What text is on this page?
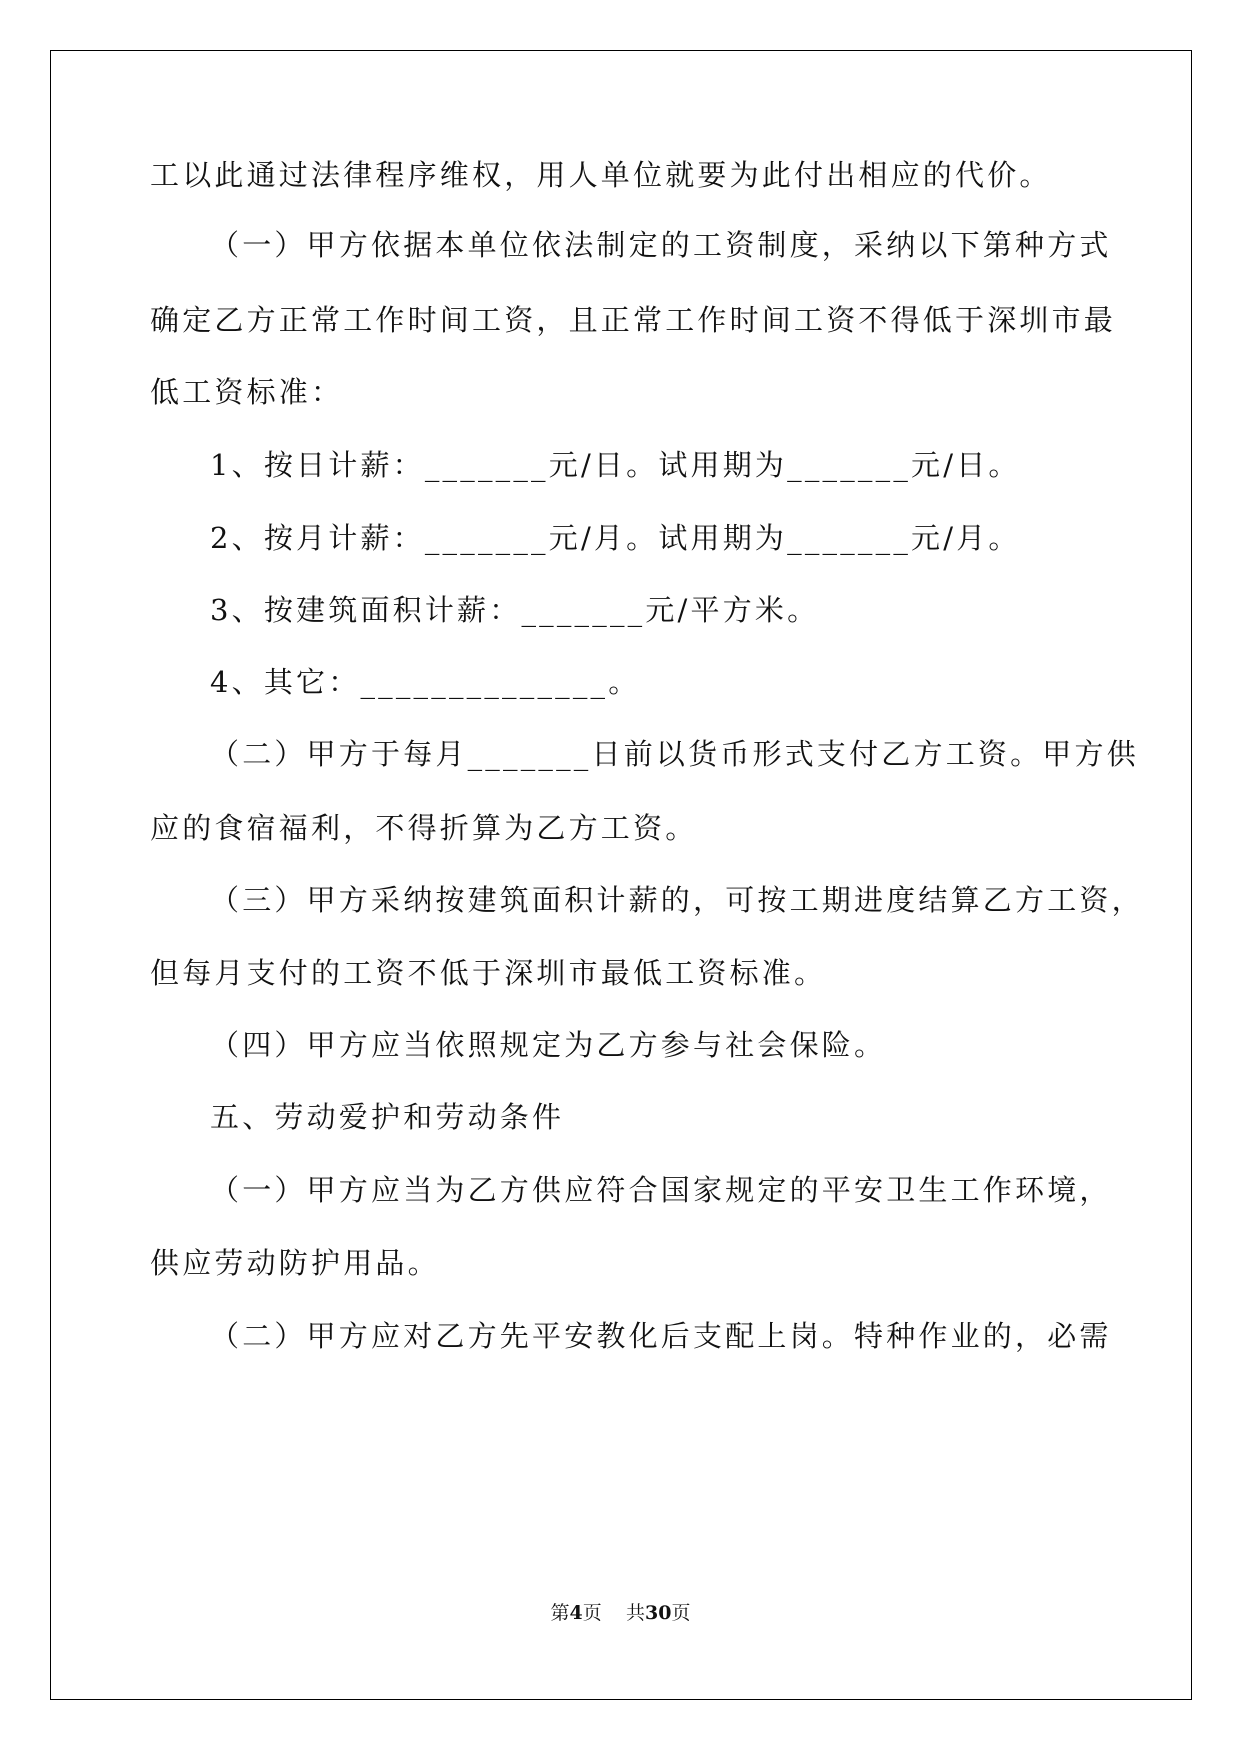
工以此通过法律程序维权，用人单位就要为此付出相应的代价。
（一）甲方依据本单位依法制定的工资制度，采纳以下第种方式
确定乙方正常工作时间工资，且正常工作时间工资不得低于深圳市最
低工资标准：
1、按日计薪：_______元/日。试用期为_______元/日。
2、按月计薪：_______元/月。试用期为_______元/月。
3、按建筑面积计薪：_______元/平方米。
4、其它：______________。
（二）甲方于每月_______日前以货币形式支付乙方工资。甲方供
应的食宿福利，不得折算为乙方工资。
（三）甲方采纳按建筑面积计薪的，可按工期进度结算乙方工资，
但每月支付的工资不低于深圳市最低工资标准。
（四）甲方应当依照规定为乙方参与社会保险。
五、劳动爱护和劳动条件
（一）甲方应当为乙方供应符合国家规定的平安卫生工作环境，
供应劳动防护用品。
（二）甲方应对乙方先平安教化后支配上岗。特种作业的，必需
第4页 共30页
